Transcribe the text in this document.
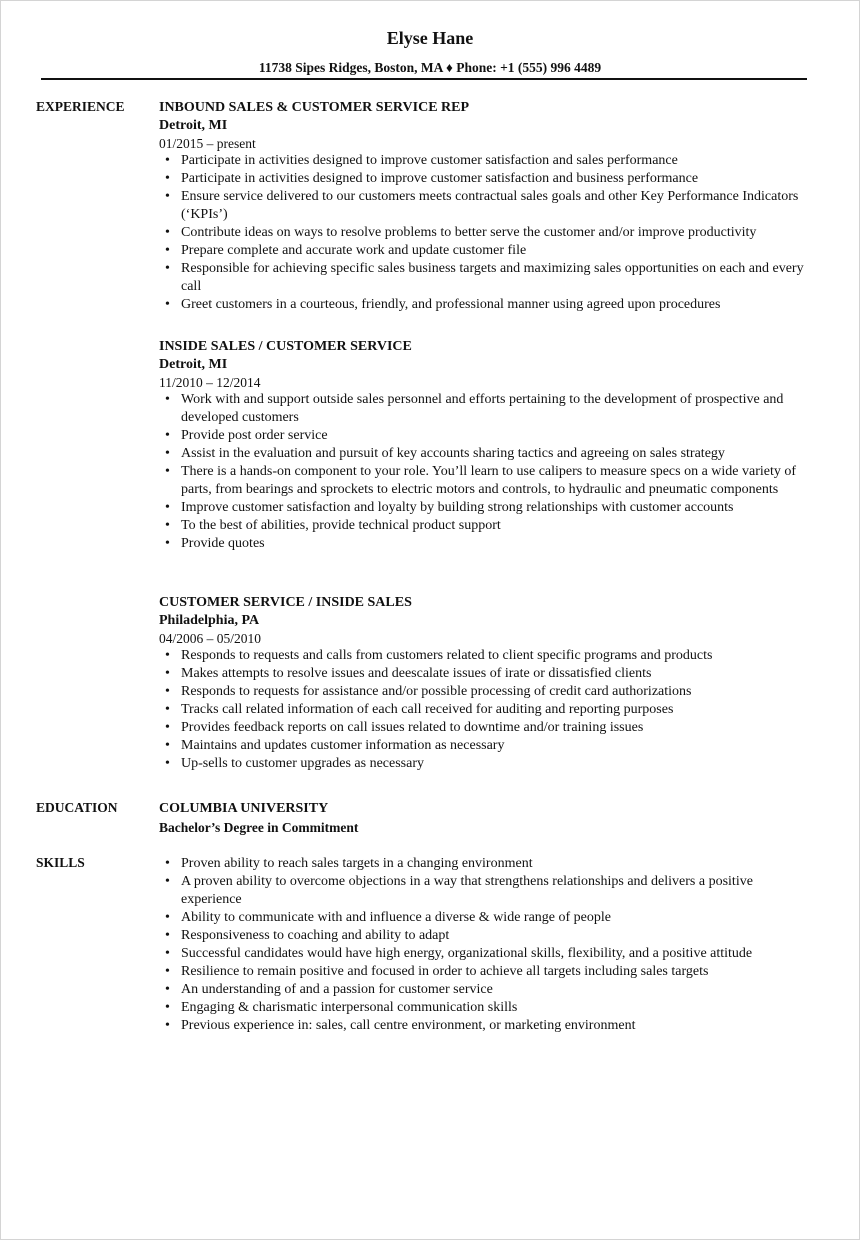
Elyse Hane
11738 Sipes Ridges, Boston, MA ♦ Phone: +1 (555) 996 4489
EXPERIENCE INBOUND SALES & CUSTOMER SERVICE REP
Detroit, MI
01/2015 – present
• Participate in activities designed to improve customer satisfaction and sales performance
• Participate in activities designed to improve customer satisfaction and business performance
• Ensure service delivered to our customers meets contractual sales goals and other Key Performance Indicators (‘KPIs’)
• Contribute ideas on ways to resolve problems to better serve the customer and/or improve productivity
• Prepare complete and accurate work and update customer file
• Responsible for achieving specific sales business targets and maximizing sales opportunities on each and every call
• Greet customers in a courteous, friendly, and professional manner using agreed upon procedures
INSIDE SALES / CUSTOMER SERVICE
Detroit, MI
11/2010 – 12/2014
• Work with and support outside sales personnel and efforts pertaining to the development of prospective and developed customers
• Provide post order service
• Assist in the evaluation and pursuit of key accounts sharing tactics and agreeing on sales strategy
• There is a hands-on component to your role. You’ll learn to use calipers to measure specs on a wide variety of parts, from bearings and sprockets to electric motors and controls, to hydraulic and pneumatic components
• Improve customer satisfaction and loyalty by building strong relationships with customer accounts
• To the best of abilities, provide technical product support
• Provide quotes
CUSTOMER SERVICE / INSIDE SALES
Philadelphia, PA
04/2006 – 05/2010
• Responds to requests and calls from customers related to client specific programs and products
• Makes attempts to resolve issues and deescalate issues of irate or dissatisfied clients
• Responds to requests for assistance and/or possible processing of credit card authorizations
• Tracks call related information of each call received for auditing and reporting purposes
• Provides feedback reports on call issues related to downtime and/or training issues
• Maintains and updates customer information as necessary
• Up-sells to customer upgrades as necessary
EDUCATION	COLUMBIA UNIVERSITY
Bachelor’s Degree in Commitment
SKILLS
•	Proven ability to reach sales targets in a changing environment
• A proven ability to overcome objections in a way that strengthens relationships and delivers a positive experience
• Ability to communicate with and influence a diverse & wide range of people
• Responsiveness to coaching and ability to adapt
• Successful candidates would have high energy, organizational skills, flexibility, and a positive attitude
• Resilience to remain positive and focused in order to achieve all targets including sales targets
• An understanding of and a passion for customer service
• Engaging & charismatic interpersonal communication skills
• Previous experience in: sales, call centre environment, or marketing environment
